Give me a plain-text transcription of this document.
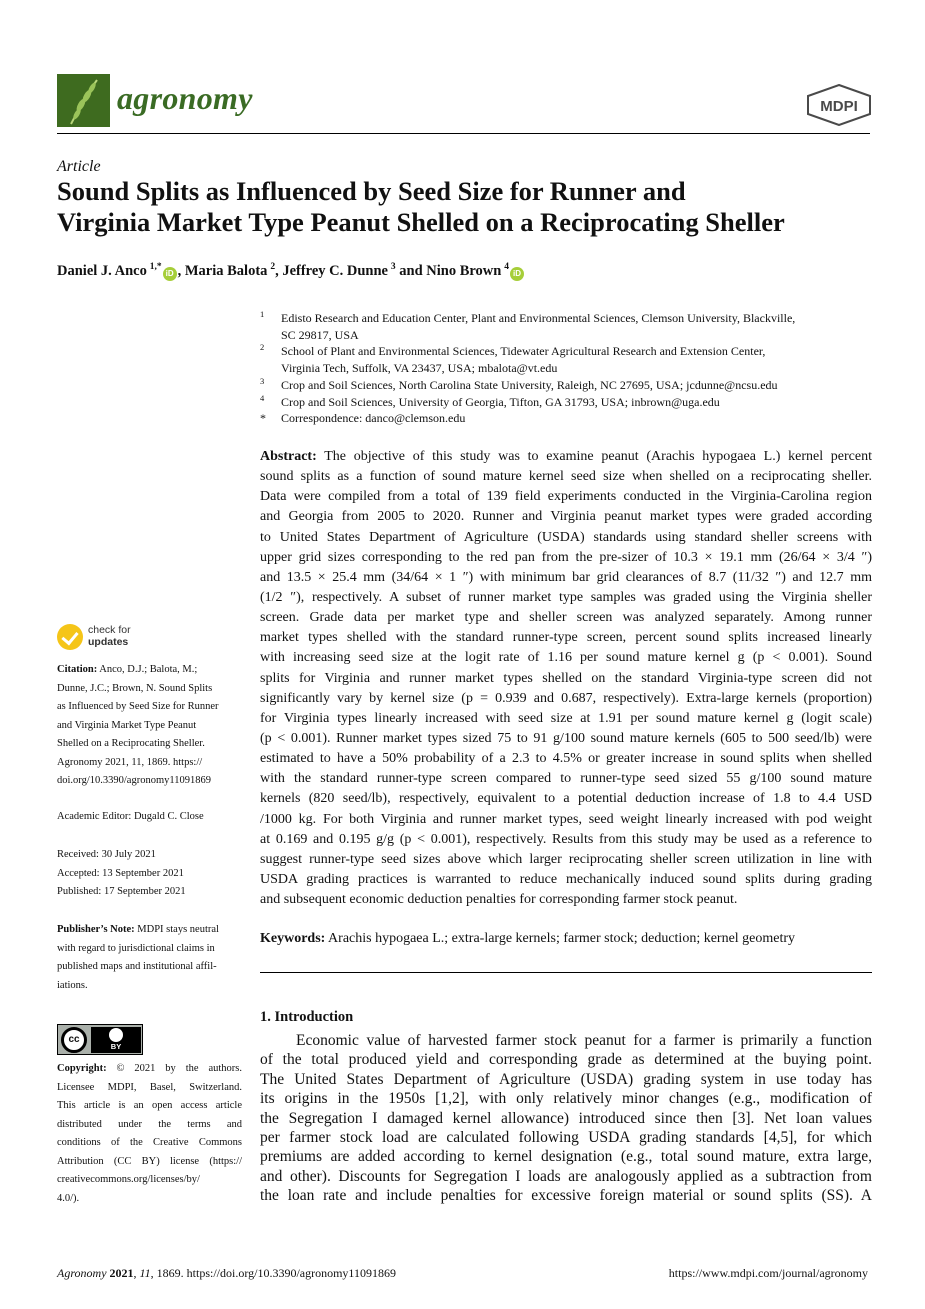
agronomy	MDPI
Article
Sound Splits as Influenced by Seed Size for Runner and
Virginia Market Type Peanut Shelled on a Reciprocating Sheller
Daniel J. Anco  $^{1,*}$iD , Maria Balota  $^2$, Jeffrey C. Dunne  $^3$ and Nino Brown  $^4$iD
1 Edisto Research and Education Center, Plant and Environmental Sciences, Clemson University, Blackville,
SC 29817, USA
2 School of Plant and Environmental Sciences, Tidewater Agricultural Research and Extension Center,
Virginia Tech, Suffolk, VA 23437, USA; mbalota@vt.edu
3 Crop and Soil Sciences, North Carolina State University, Raleigh, NC 27695, USA; jcdunne@ncsu.edu
4 Crop and Soil Sciences, University of Georgia, Tifton, GA 31793, USA; inbrown@uga.edu
* Correspondence: danco@clemson.edu
Abstract: The objective of this study was to examine peanut (Arachis hypogaea L.) kernel percent
sound splits as a function of sound mature kernel seed size when shelled on a reciprocating sheller.
Data were compiled from a total of 139 field experiments conducted in the Virginia-Carolina region
and Georgia from 2005 to 2020. Runner and Virginia peanut market types were graded according
to United States Department of Agriculture (USDA) standards using standard sheller screens with
upper grid sizes corresponding to the red pan from the pre-sizer of 10.3 × 19.1 mm (26/64 × 3/4 ″)
and 13.5 × 25.4 mm (34/64 × 1 ″) with minimum bar grid clearances of 8.7 (11/32 ″) and 12.7 mm
(1/2 ″), respectively. A subset of runner market type samples was graded using the Virginia sheller
screen. Grade data per market type and sheller screen was analyzed separately. Among runner
market types shelled with the standard runner-type screen, percent sound splits increased linearly
with increasing seed size at the logit rate of 1.16 per sound mature kernel g (p < 0.001). Sound
splits for Virginia and runner market types shelled on the standard Virginia-type screen did not
significantly vary by kernel size (p = 0.939 and 0.687, respectively). Extra-large kernels (proportion)
for Virginia types linearly increased with seed size at 1.91 per sound mature kernel g (logit scale)
(p < 0.001). Runner market types sized 75 to 91 g/100 sound mature kernels (605 to 500 seed/lb) were
estimated to have a 50% probability of a 2.3 to 4.5% or greater increase in sound splits when shelled
with the standard runner-type screen compared to runner-type seed sized 55 g/100 sound mature
kernels (820 seed/lb), respectively, equivalent to a potential deduction increase of 1.8 to 4.4 USD
/1000 kg. For both Virginia and runner market types, seed weight linearly increased with pod weight
at 0.169 and 0.195 g/g (p < 0.001), respectively. Results from this study may be used as a reference to
suggest runner-type seed sizes above which larger reciprocating sheller screen utilization in line with
USDA grading practices is warranted to reduce mechanically induced sound splits during grading
and subsequent economic deduction penalties for corresponding farmer stock peanut.
Keywords: Arachis hypogaea L.; extra-large kernels; farmer stock; deduction; kernel geometry
1. Introduction
Economic value of harvested farmer stock peanut for a farmer is primarily a function
of the total produced yield and corresponding grade as determined at the buying point.
The United States Department of Agriculture (USDA) grading system in use today has
its origins in the 1950s [1,2], with only relatively minor changes (e.g., modification of
the Segregation I damaged kernel allowance) introduced since then [3]. Net loan values
per farmer stock load are calculated following USDA grading standards [4,5], for which
premiums are added according to kernel designation (e.g., total sound mature, extra large,
and other). Discounts for Segregation I loads are analogously applied as a subtraction from
the loan rate and include penalties for excessive foreign material or sound splits (SS). A
check for
updates
Citation: Anco, D.J.; Balota, M.;
Dunne, J.C.; Brown, N. Sound Splits
as Influenced by Seed Size for Runner
and Virginia Market Type Peanut
Shelled on a Reciprocating Sheller.
Agronomy 2021, 11, 1869. https://
doi.org/10.3390/agronomy11091869
Academic Editor: Dugald C. Close
Received: 30 July 2021
Accepted: 13 September 2021
Published: 17 September 2021
Publisher’s Note: MDPI stays neutral
with regard to jurisdictional claims in
published maps and institutional affil-
iations.
cc
BY
Copyright: © 2021 by the authors.
Licensee MDPI, Basel, Switzerland.
This article is an open access article
distributed under the terms and
conditions of the Creative Commons
Attribution (CC BY) license (https://
creativecommons.org/licenses/by/
4.0/).
Agronomy 2021, 11, 1869. https://doi.org/10.3390/agronomy11091869	https://www.mdpi.com/journal/agronomy
